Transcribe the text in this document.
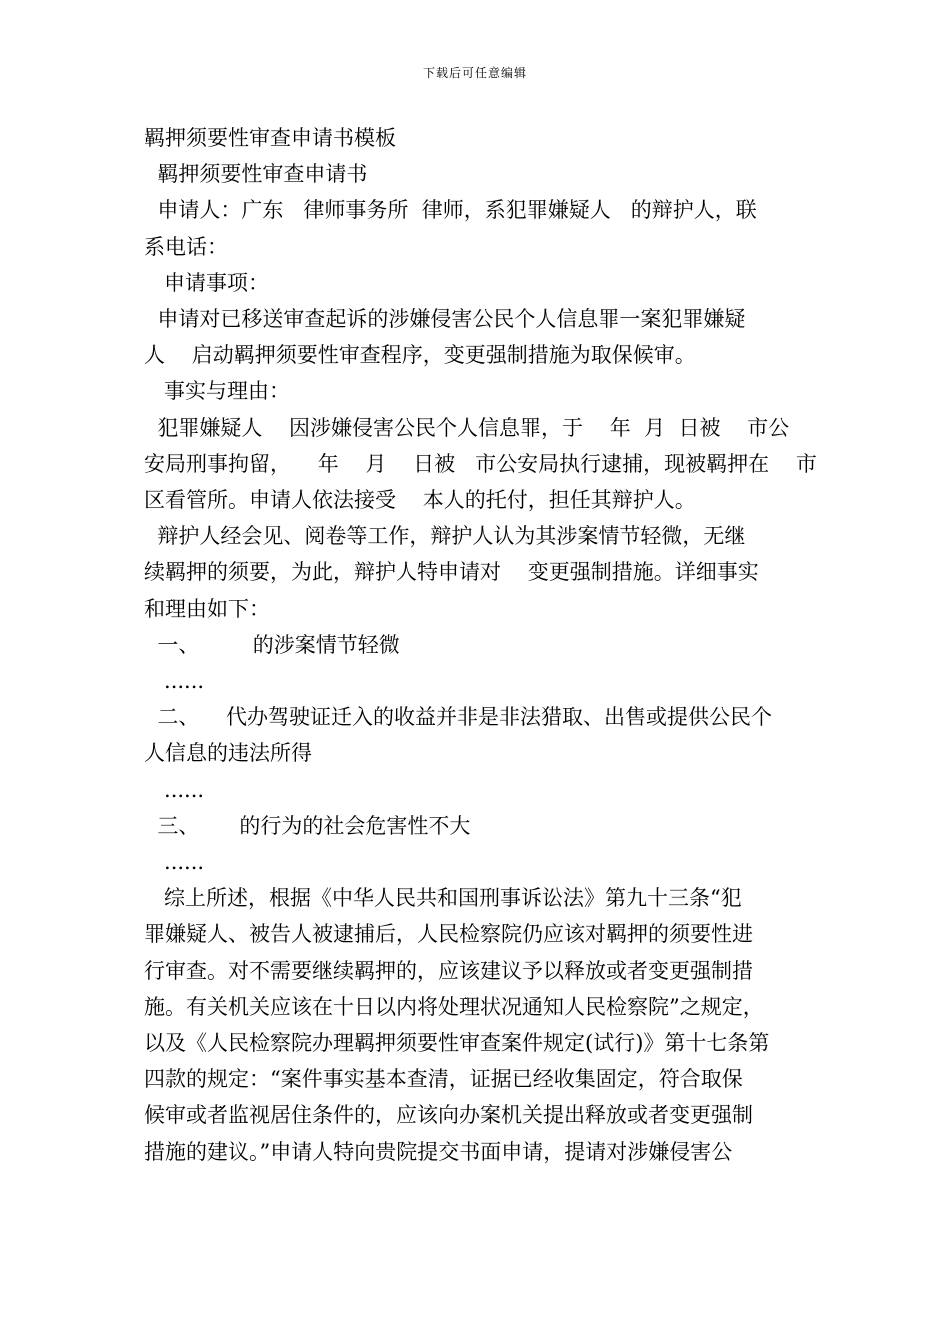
下载后可任意编辑
羁押须要性审查申请书模板
羁押须要性审查申请书
申请人：广东   律师事务所  律师，系犯罪嫌疑人   的辩护人，联
系电话：
申请事项：
申请对已移送审查起诉的涉嫌侵害公民个人信息罪一案犯罪嫌疑
人    启动羁押须要性审查程序，变更强制措施为取保候审。
事实与理由：
犯罪嫌疑人    因涉嫌侵害公民个人信息罪，于    年  月  日被    市公
安局刑事拘留，    年    月    日被   市公安局执行逮捕，现被羁押在    市
区看管所。申请人依法接受    本人的托付，担任其辩护人。
辩护人经会见、阅卷等工作，辩护人认为其涉案情节轻微，无继
续羁押的须要，为此，辩护人特申请对    变更强制措施。详细事实
和理由如下：
一、        的涉案情节轻微
......
二、    代办驾驶证迁入的收益并非是非法猎取、出售或提供公民个
人信息的违法所得
......
三、      的行为的社会危害性不大
......
综上所述，根据《中华人民共和国刑事诉讼法》第九十三条“犯
罪嫌疑人、被告人被逮捕后，人民检察院仍应该对羁押的须要性进
行审查。对不需要继续羁押的，应该建议予以释放或者变更强制措
施。有关机关应该在十日以内将处理状况通知人民检察院”之规定，
以及《人民检察院办理羁押须要性审查案件规定(试行)》第十七条第
四款的规定：“案件事实基本查清，证据已经收集固定，符合取保
候审或者监视居住条件的，应该向办案机关提出释放或者变更强制
措施的建议。”申请人特向贵院提交书面申请，提请对涉嫌侵害公
